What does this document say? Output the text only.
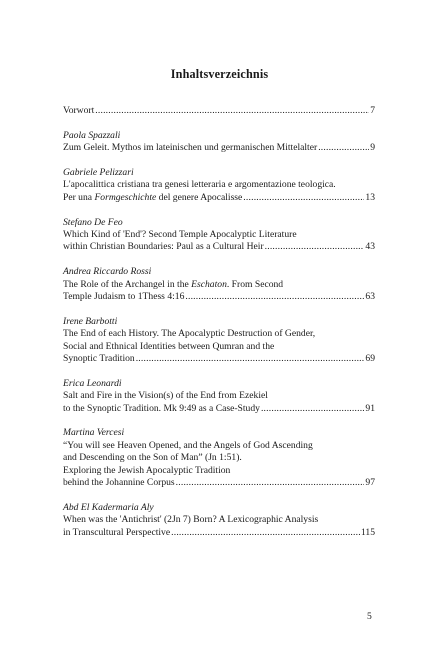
Inhaltsverzeichnis
Vorwort .....	7
Paola Spazzali
Zum Geleit. Mythos im lateinischen und germanischen Mittelalter .....	9
Gabriele Pelizzari
L'apocalittica cristiana tra genesi letteraria e argomentazione teologica.
Per una Formgeschichte del genere Apocalisse .....	13
Stefano De Feo
Which Kind of 'End'? Second Temple Apocalyptic Literature
within Christian Boundaries: Paul as a Cultural Heir .....	43
Andrea Riccardo Rossi
The Role of the Archangel in the Eschaton. From Second
Temple Judaism to 1Thess 4:16 .....	63
Irene Barbotti
The End of each History. The Apocalyptic Destruction of Gender,
Social and Ethnical Identities between Qumran and the
Synoptic Tradition .....	69
Erica Leonardi
Salt and Fire in the Vision(s) of the End from Ezekiel
to the Synoptic Tradition. Mk 9:49 as a Case-Study .....	91
Martina Vercesi
“You will see Heaven Opened, and the Angels of God Ascending
and Descending on the Son of Man” (Jn 1:51).
Exploring the Jewish Apocalyptic Tradition
behind the Johannine Corpus .....	97
Abd El Kadermaria Aly
When was the 'Antichrist' (2Jn 7) Born? A Lexicographic Analysis
in Transcultural Perspective .....	115
5
